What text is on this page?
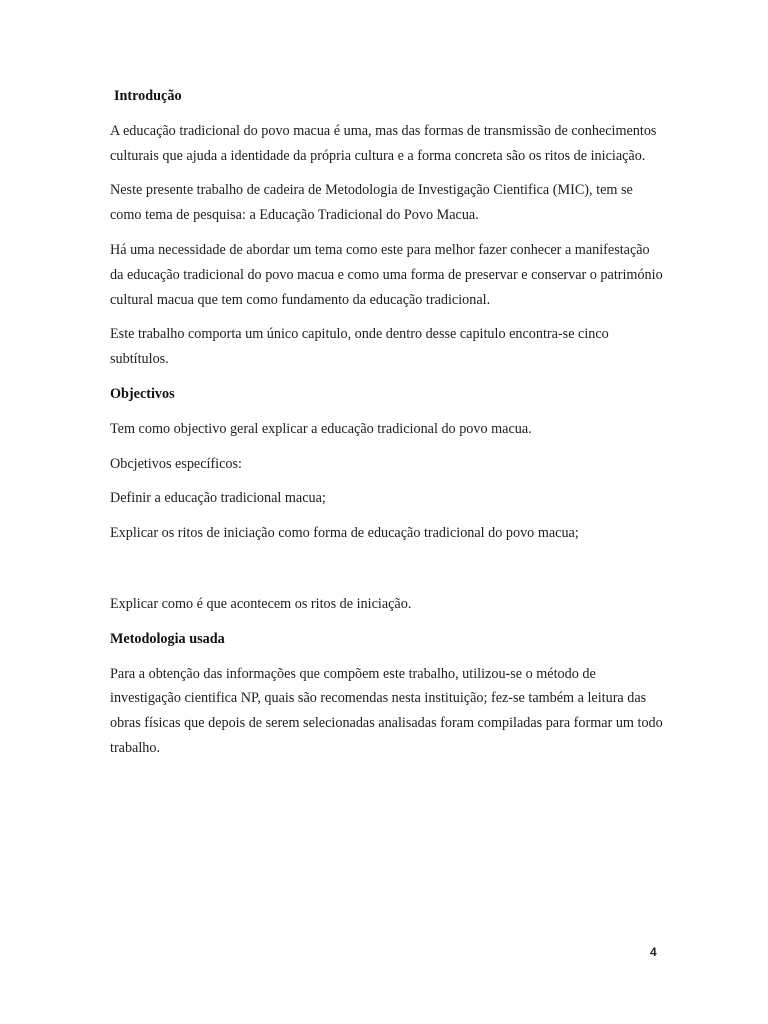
Introdução

A educação tradicional do povo macua é uma, mas das formas de transmissão de conhecimentos culturais que ajuda a identidade da própria cultura e a forma concreta são os ritos de iniciação.

Neste presente trabalho de cadeira de Metodologia de Investigação Cientifica (MIC), tem se como tema de pesquisa: a Educação Tradicional do Povo Macua.

Há uma necessidade de abordar um tema como este para melhor fazer conhecer a manifestação da educação tradicional do povo macua e como uma forma de preservar e conservar o património cultural macua que tem como fundamento da educação tradicional.

Este trabalho comporta um único capitulo, onde dentro desse capitulo encontra-se cinco subtítulos.

Objectivos

Tem como objectivo geral explicar a educação tradicional do povo macua.

Obcjetivos específicos:

Definir a educação tradicional macua;

Explicar os ritos de iniciação como forma de educação tradicional do povo macua;

Explicar como é que acontecem os ritos de iniciação.

Metodologia usada

Para a obtenção das informações que compõem este trabalho, utilizou-se o método de investigação cientifica NP, quais são recomendas nesta instituição; fez-se também a leitura das obras físicas que depois de serem selecionadas analisadas foram compiladas para formar um todo trabalho.

4
